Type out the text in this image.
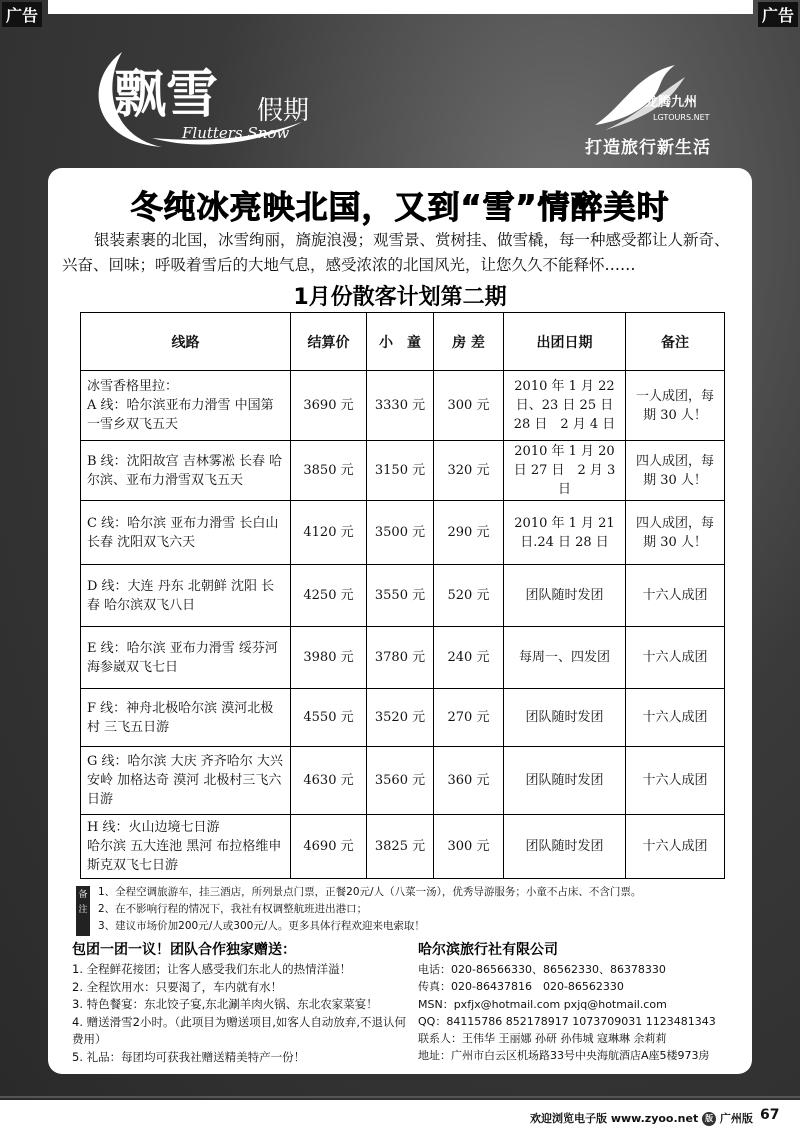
广告	广告
飘雪 假期
Flutters Snow
龙腾九州
LGTOURS.NET
打造旅行新生活
冬纯冰亮映北国，又到“雪”情醉美时
银装素裹的北国，冰雪绚丽，旖旎浪漫；观雪景、赏树挂、做雪橇，每一种感受都让人新奇、兴奋、回味；呼吸着雪后的大地气息，感受浓浓的北国风光，让您久久不能释怀……
1月份散客计划第二期
线路	结算价	小　童	房 差	出团日期	备注
冰雪香格里拉：
A 线：哈尔滨亚布力滑雪 中国第一雪乡双飞五天	3690 元	3330 元	300 元	2010 年 1 月 22 日、23 日 25 日 28 日　2 月 4 日	一人成团，每期 30 人！
B 线：沈阳故宫 吉林雾凇 长春 哈尔滨、亚布力滑雪双飞五天	3850 元	3150 元	320 元	2010 年 1 月 20 日 27 日　2 月 3 日	四人成团，每期 30 人！
C 线：哈尔滨 亚布力滑雪 长白山　长春 沈阳双飞六天	4120 元	3500 元	290 元	2010 年 1 月 21 日.24 日 28 日	四人成团，每期 30 人！
D 线：大连 丹东 北朝鲜 沈阳 长春 哈尔滨双飞八日	4250 元	3550 元	520 元	团队随时发团	十六人成团
E 线：哈尔滨 亚布力滑雪 绥芬河 海参崴双飞七日	3980 元	3780 元	240 元	每周一、四发团	十六人成团
F 线：神舟北极哈尔滨 漠河北极村 三飞五日游	4550 元	3520 元	270 元	团队随时发团	十六人成团
G 线：哈尔滨 大庆 齐齐哈尔 大兴安岭 加格达奇 漠河 北极村三飞六日游	4630 元	3560 元	360 元	团队随时发团	十六人成团
H 线：火山边境七日游
哈尔滨 五大连池 黑河 布拉格维申斯克双飞七日游	4690 元	3825 元	300 元	团队随时发团	十六人成团
备注
1、全程空调旅游车，挂三酒店，所列景点门票，正餐20元/人（八菜一汤），优秀导游服务；小童不占床、不含门票。
2、在不影响行程的情况下，我社有权调整航班进出港口；
3、建议市场价加200元/人或300元/人。更多具体行程欢迎来电索取！
包团一团一议！团队合作独家赠送：
1. 全程鲜花接团；让客人感受我们东北人的热情洋溢！
2. 全程饮用水：只要渴了，车内就有水！
3. 特色餐宴：东北饺子宴,东北涮羊肉火锅、东北农家菜宴！
4. 赠送滑雪2小时。（此项目为赠送项目,如客人自动放弃,不退认何费用）
5. 礼品：每团均可获我社赠送精美特产一份！
哈尔滨旅行社有限公司
电话：020-86566330、86562330、86378330
传真：020-86437816　020-86562330
MSN：pxfjx@hotmail.com pxjq@hotmail.com
QQ：84115786 852178917 1073709031 1123481343
联系人：王伟华 王丽娜 孙研 孙伟城 寇琳琳 余莉莉
地址：广州市白云区机场路33号中央海航酒店A座5楼973房
欢迎浏览电子版 www.zyoo.net 版 广州版 67
